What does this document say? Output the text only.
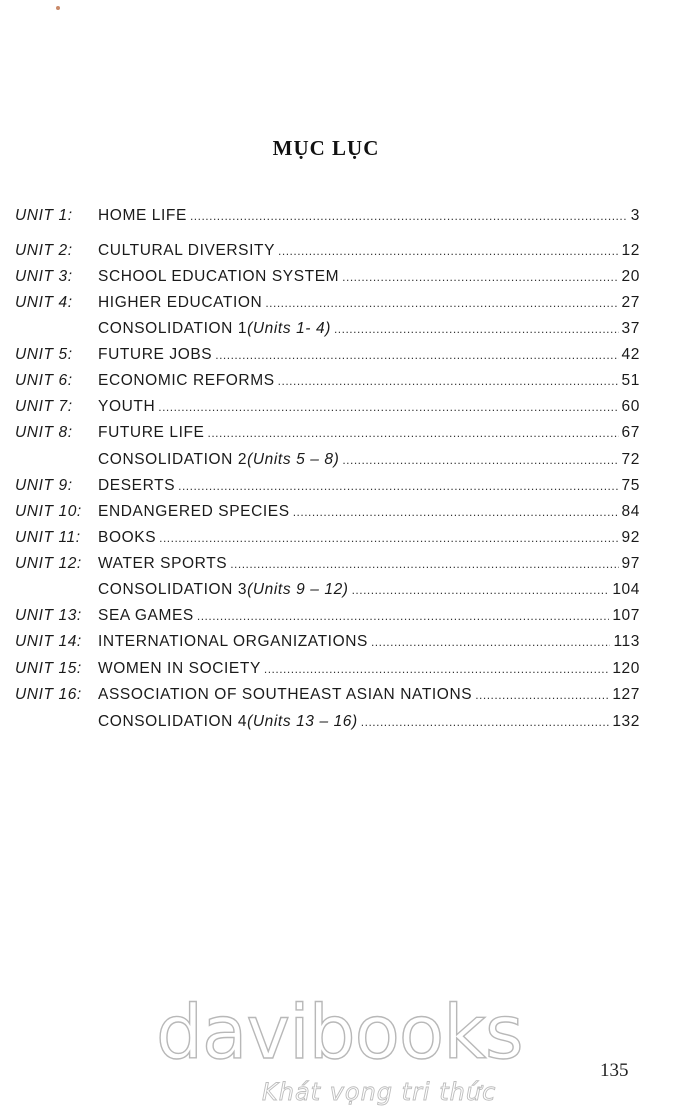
MỤC LỤC
UNIT 1: HOME LIFE .....	3
UNIT 2: CULTURAL DIVERSITY .....	12
UNIT 3: SCHOOL EDUCATION SYSTEM .....	20
UNIT 4: HIGHER EDUCATION .....	27
CONSOLIDATION 1 (Units 1- 4) .....	37
UNIT 5: FUTURE JOBS .....	42
UNIT 6: ECONOMIC REFORMS .....	51
UNIT 7: YOUTH .....	60
UNIT 8: FUTURE LIFE .....	67
CONSOLIDATION 2 (Units 5 – 8) .....	72
UNIT 9: DESERTS .....	75
UNIT 10: ENDANGERED SPECIES .....	84
UNIT 11: BOOKS .....	92
UNIT 12: WATER SPORTS .....	97
CONSOLIDATION 3 (Units 9 – 12) .....	104
UNIT 13: SEA GAMES .....	107
UNIT 14: INTERNATIONAL ORGANIZATIONS .....	113
UNIT 15: WOMEN IN SOCIETY .....	120
UNIT 16: ASSOCIATION OF SOUTHEAST ASIAN NATIONS .....	127
CONSOLIDATION 4 (Units 13 – 16) .....	132
davibooks
Khát vọng tri thức
135
